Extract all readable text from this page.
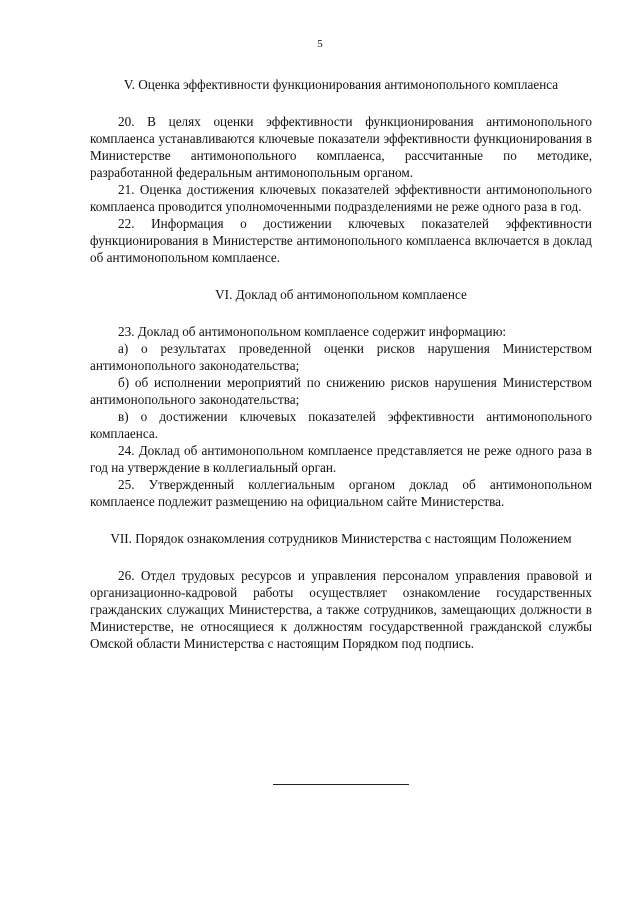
5

V. Оценка эффективности функционирования антимонопольного комплаенса

20. В целях оценки эффективности функционирования антимонопольного комплаенса устанавливаются ключевые показатели эффективности функционирования в Министерстве антимонопольного комплаенса, рассчитанные по методике, разработанной федеральным антимонопольным органом.

21. Оценка достижения ключевых показателей эффективности антимонопольного комплаенса проводится уполномоченными подразделениями не реже одного раза в год.

22. Информация о достижении ключевых показателей эффективности функционирования в Министерстве антимонопольного комплаенса включается в доклад об антимонопольном комплаенсе.

VI. Доклад об антимонопольном комплаенсе

23. Доклад об антимонопольном комплаенсе содержит информацию:

а) о результатах проведенной оценки рисков нарушения Министерством антимонопольного законодательства;

б) об исполнении мероприятий по снижению рисков нарушения Министерством антимонопольного законодательства;

в) о достижении ключевых показателей эффективности антимонопольного комплаенса.

24. Доклад об антимонопольном комплаенсе представляется не реже одного раза в год на утверждение в коллегиальный орган.

25. Утвержденный коллегиальным органом доклад об антимонопольном комплаенсе подлежит размещению на официальном сайте Министерства.

VII. Порядок ознакомления сотрудников Министерства с настоящим Положением

26. Отдел трудовых ресурсов и управления персоналом управления правовой и организационно-кадровой работы осуществляет ознакомление государственных гражданских служащих Министерства, а также сотрудников, замещающих должности в Министерстве, не относящиеся к должностям государственной гражданской службы Омской области Министерства с настоящим Порядком под подпись.
